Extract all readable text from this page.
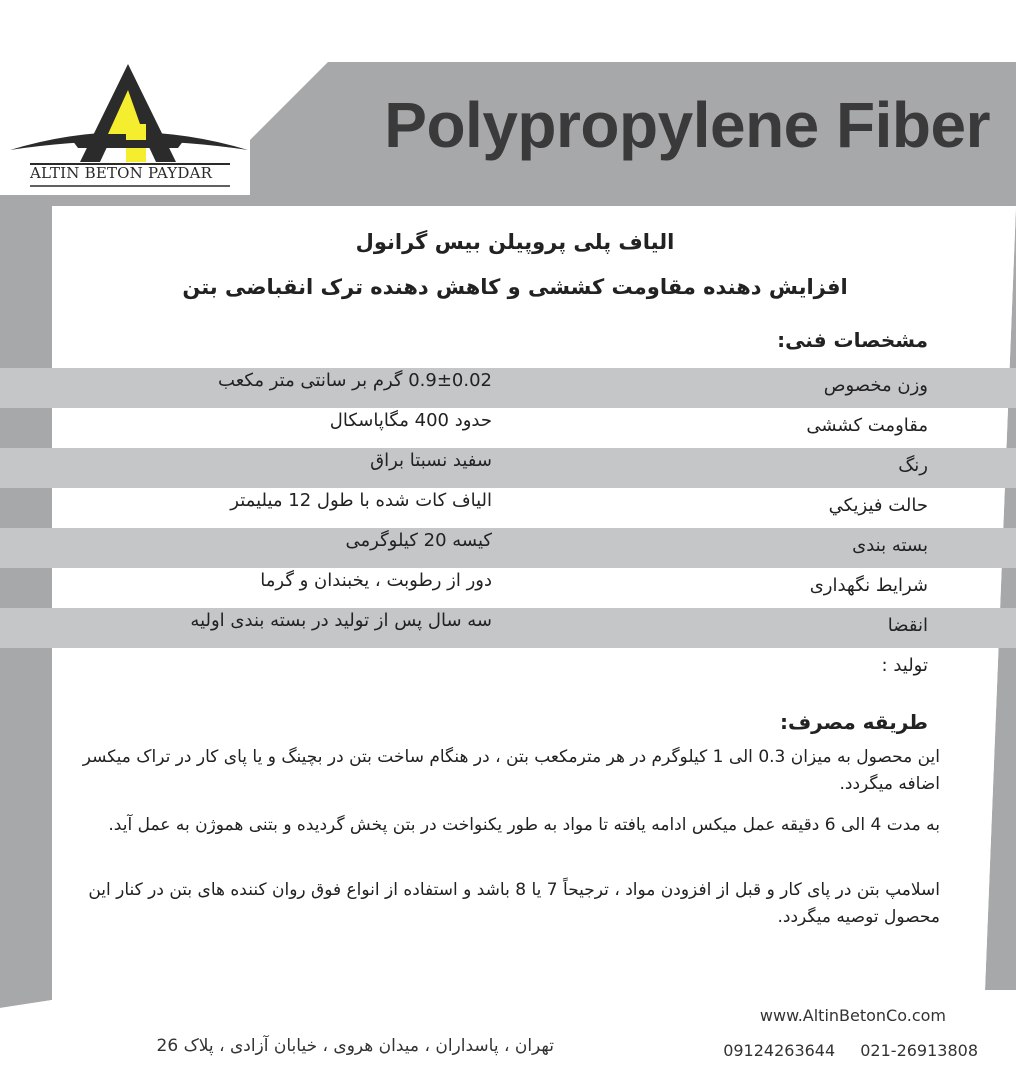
ALTIN BETON PAYDAR
Polypropylene Fiber
الیاف پلی پروپیلن بیس گرانول
افزایش دهنده مقاومت کششی و کاهش دهنده ترک انقباضی بتن
مشخصات فنی:
وزن مخصوص
0.9±0.02 گرم بر سانتی متر مکعب
مقاومت کششی
حدود 400 مگاپاسکال
رنگ
سفید نسبتا براق
حالت فیزیکي
الیاف کات شده با طول 12 میلیمتر
بسته بندی
کیسه 20 کیلوگرمی
شرایط نگهداری
دور از رطوبت ، یخبندان و گرما
انقضا
سه سال پس از تولید در بسته بندی اولیه
تولید :
طریقه مصرف:
این محصول به میزان 0.3 الی 1 کیلوگرم در هر مترمکعب بتن ، در هنگام ساخت بتن در بچینگ و یا پای کار در تراک میکسر اضافه میگردد.
به مدت 4 الی 6 دقیقه عمل میکس ادامه یافته تا مواد به طور یکنواخت در بتن پخش گردیده و بتنی هموژن به عمل آید.
اسلامپ بتن در پای کار و قبل از افزودن مواد ، ترجیحاً 7 یا 8 باشد و استفاده از انواع فوق روان کننده های بتن در کنار این محصول توصیه میگردد.
www.AltinBetonCo.com
09124263644 021-26913808
تهران ، پاسداران ، میدان هروی ، خیابان آزادی ، پلاک 26
